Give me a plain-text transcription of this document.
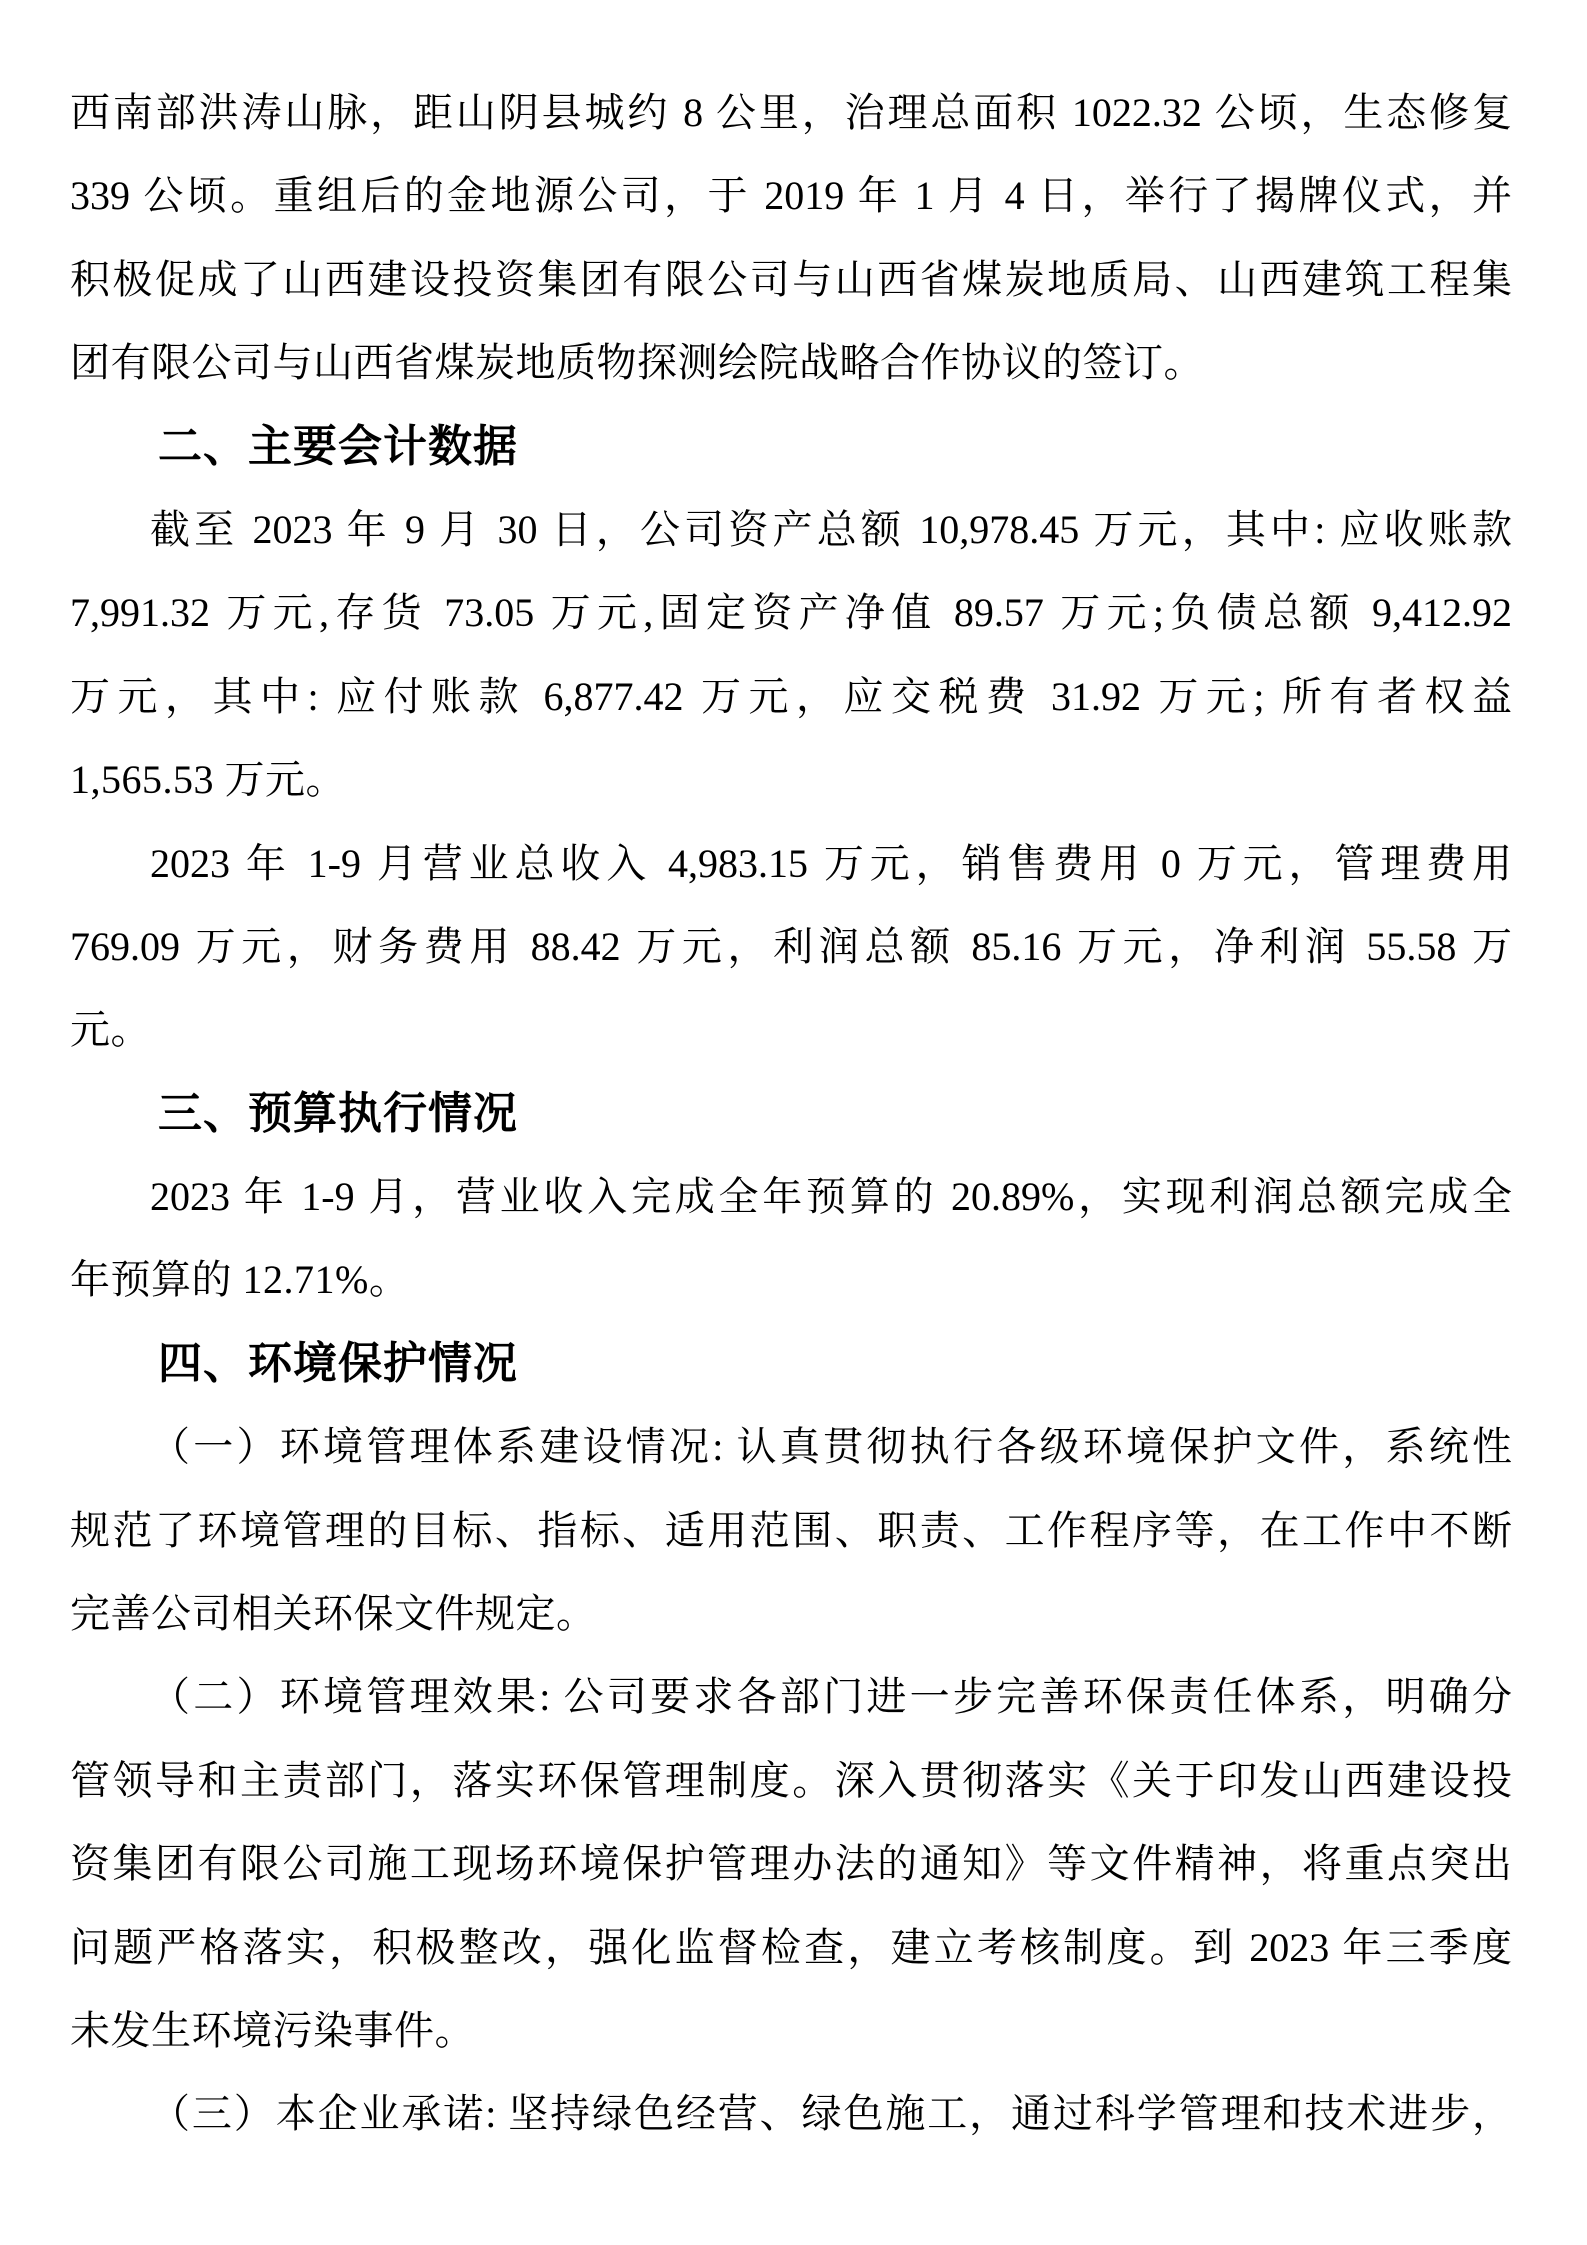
西南部洪涛山脉，距山阴县城约 8 公里，治理总面积 1022.32 公顷，生态修复
339 公顷。重组后的金地源公司，于 2019 年 1 月 4 日，举行了揭牌仪式，并
积极促成了山西建设投资集团有限公司与山西省煤炭地质局、山西建筑工程集
团有限公司与山西省煤炭地质物探测绘院战略合作协议的签订。
二、主要会计数据
截至 2023 年 9 月 30 日，公司资产总额 10,978.45 万元，其中: 应收账款
7,991.32 万元,存货 73.05 万元,固定资产净值 89.57 万元;负债总额 9,412.92
万元，其中: 应付账款 6,877.42 万元，应交税费 31.92 万元; 所有者权益
1,565.53 万元。
2023 年 1-9 月营业总收入 4,983.15 万元，销售费用 0 万元，管理费用
769.09 万元，财务费用 88.42 万元，利润总额 85.16 万元，净利润 55.58 万
元。
三、预算执行情况
2023 年 1-9 月，营业收入完成全年预算的 20.89%，实现利润总额完成全
年预算的 12.71%。
四、环境保护情况
（一）环境管理体系建设情况: 认真贯彻执行各级环境保护文件，系统性
规范了环境管理的目标、指标、适用范围、职责、工作程序等，在工作中不断
完善公司相关环保文件规定。
（二）环境管理效果: 公司要求各部门进一步完善环保责任体系，明确分
管领导和主责部门，落实环保管理制度。深入贯彻落实《关于印发山西建设投
资集团有限公司施工现场环境保护管理办法的通知》等文件精神，将重点突出
问题严格落实，积极整改，强化监督检查，建立考核制度。到 2023 年三季度
未发生环境污染事件。
（三）本企业承诺: 坚持绿色经营、绿色施工，通过科学管理和技术进步，
